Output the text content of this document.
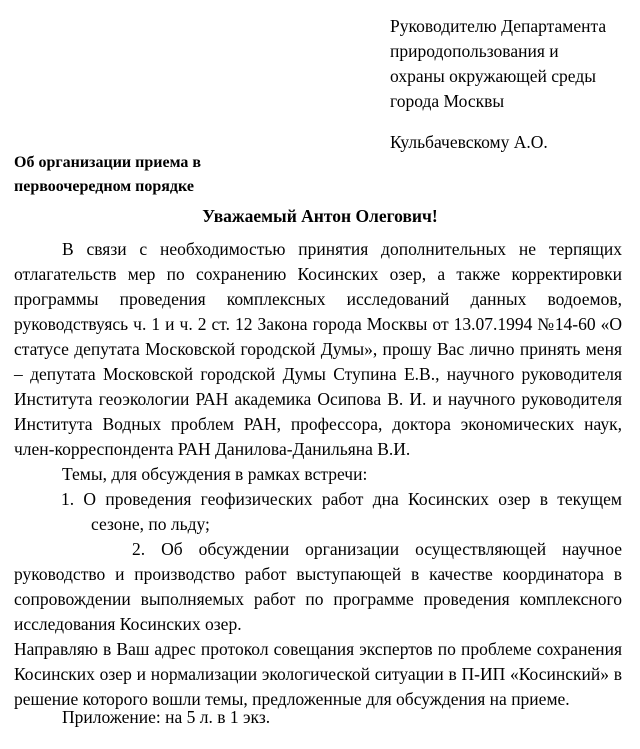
Руководителю Департамента
природопользования и
охраны окружающей среды
города Москвы
Кульбачевскому А.О.
Об организации приема в
первоочередном порядке
Уважаемый Антон Олегович!

В связи с необходимостью принятия дополнительных не терпящих отлагательств мер по сохранению Косинских озер, а также корректировки программы проведения комплексных исследований данных водоемов, руководствуясь ч. 1 и ч. 2 ст. 12 Закона города Москвы от 13.07.1994 №14-60 «О статусе депутата Московской городской Думы», прошу Вас лично принять меня – депутата Московской городской Думы Ступина Е.В., научного руководителя Института геоэкологии РАН академика Осипова В. И. и научного руководителя Института Водных проблем РАН, профессора, доктора экономических наук, член-корреспондента РАН Данилова-Данильяна В.И.

Темы, для обсуждения в рамках встречи:

1. О проведения геофизических работ дна Косинских озер в текущем сезоне, по льду;

2. Об обсуждении организации осуществляющей научное руководство и производство работ выступающей в качестве координатора в сопровождении выполняемых работ по программе проведения комплексного исследования Косинских озер.

Направляю в Ваш адрес протокол совещания экспертов по проблеме сохранения Косинских озер и нормализации экологической ситуации в П-ИП «Косинский» в решение которого вошли темы, предложенные для обсуждения на приеме.

Приложение: на 5 л. в 1 экз.
